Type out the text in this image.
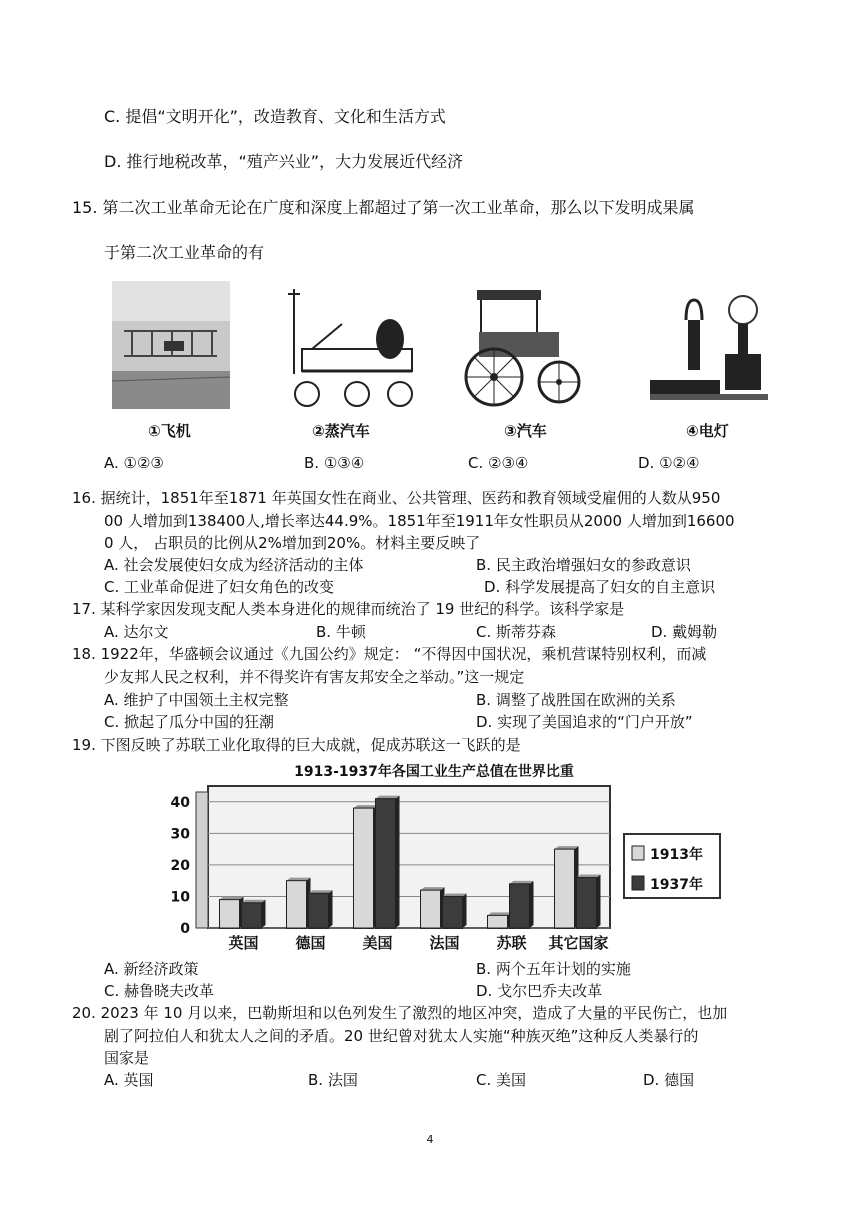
C. 提倡“文明开化”，改造教育、文化和生活方式
D. 推行地税改革，“殖产兴业”，大力发展近代经济
15. 第二次工业革命无论在广度和深度上都超过了第一次工业革命，那么以下发明成果属
于第二次工业革命的有
①飞机	②蒸汽车	③汽车	④电灯
A. ①②③	B. ①③④	C. ②③④	D. ①②④
16. 据统计，1851年至1871 年英国女性在商业、公共管理、医药和教育领域受雇佣的人数从950
00 人增加到138400人,增长率达44.9%。1851年至1911年女性职员从2000 人增加到16600
0 人， 占职员的比例从2%增加到20%。材料主要反映了
A. 社会发展使妇女成为经济活动的主体	B. 民主政治增强妇女的参政意识
C. 工业革命促进了妇女角色的改变	D. 科学发展提高了妇女的自主意识
17. 某科学家因发现支配人类本身进化的规律而统治了 19 世纪的科学。该科学家是
A. 达尔文	B. 牛顿	C. 斯蒂芬森	D. 戴姆勒
18. 1922年，华盛顿会议通过《九国公约》规定： “不得因中国状况，乘机营谋特别权利，而减
少友邦人民之权利，并不得奖许有害友邦安全之举动。”这一规定
A. 维护了中国领土主权完整	B. 调整了战胜国在欧洲的关系
C. 掀起了瓜分中国的狂潮	D. 实现了美国追求的“门户开放”
19. 下图反映了苏联工业化取得的巨大成就，促成苏联这一飞跃的是
1913-1937年各国工业生产总值在世界比重
40
30
20
10
0
英国 德国 美国 法国 苏联 其它国家
1913年
1937年
A. 新经济政策	B. 两个五年计划的实施
C. 赫鲁晓夫改革	D. 戈尔巴乔夫改革
20. 2023 年 10 月以来，巴勒斯坦和以色列发生了激烈的地区冲突，造成了大量的平民伤亡，也加
剧了阿拉伯人和犹太人之间的矛盾。20 世纪曾对犹太人实施“种族灭绝”这种反人类暴行的
国家是
A. 英国	B. 法国	C. 美国	D. 德国
4
